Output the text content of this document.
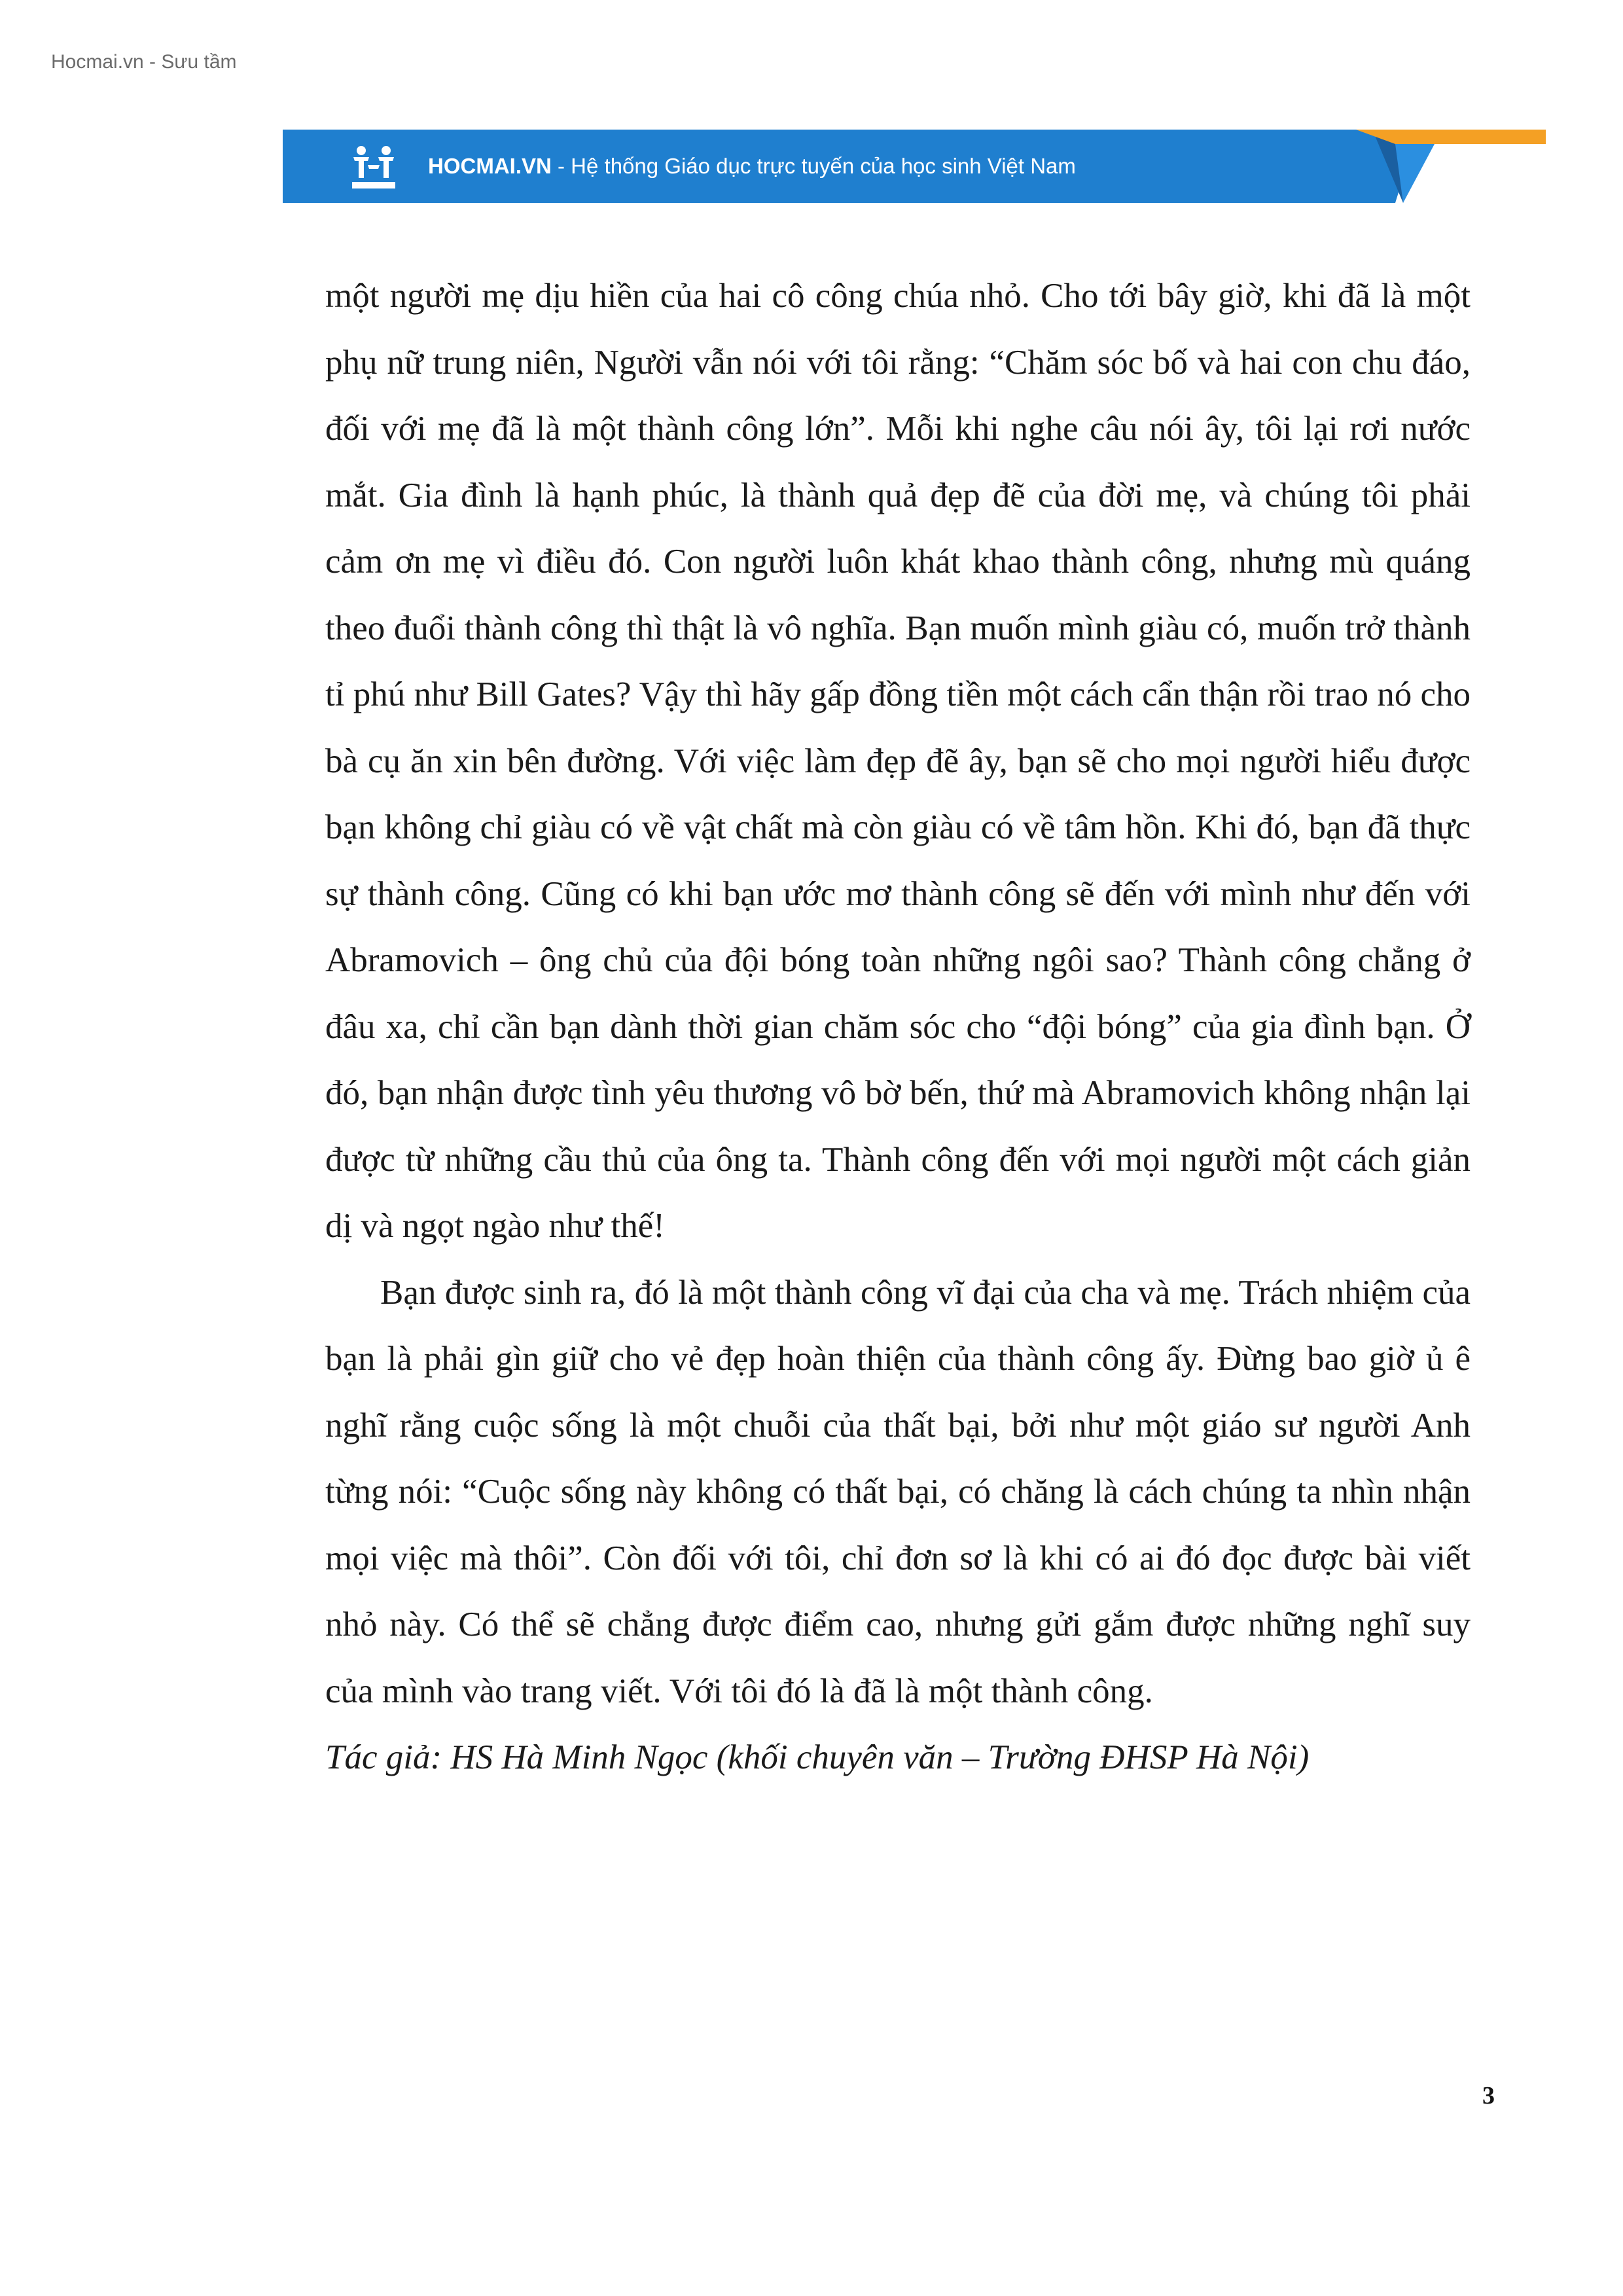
Hocmai.vn - Sưu tầm
HOCMAI.VN - Hệ thống Giáo dục trực tuyến của học sinh Việt Nam

một người mẹ dịu hiền của hai cô công chúa nhỏ. Cho tới bây giờ, khi đã là một phụ nữ trung niên, Người vẫn nói với tôi rằng: “Chăm sóc bố và hai con chu đáo, đối với mẹ đã là một thành công lớn”. Mỗi khi nghe câu nói ây, tôi lại rơi nước mắt. Gia đình là hạnh phúc, là thành quả đẹp đẽ của đời mẹ, và chúng tôi phải cảm ơn mẹ vì điều đó. Con người luôn khát khao thành công, nhưng mù quáng theo đuổi thành công thì thật là vô nghĩa. Bạn muốn mình giàu có, muốn trở thành tỉ phú như Bill Gates? Vậy thì hãy gấp đồng tiền một cách cẩn thận rồi trao nó cho bà cụ ăn xin bên đường. Với việc làm đẹp đẽ ây, bạn sẽ cho mọi người hiểu được bạn không chỉ giàu có về vật chất mà còn giàu có về tâm hồn. Khi đó, bạn đã thực sự thành công. Cũng có khi bạn ước mơ thành công sẽ đến với mình như đến với Abramovich – ông chủ của đội bóng toàn những ngôi sao? Thành công chẳng ở đâu xa, chỉ cần bạn dành thời gian chăm sóc cho “đội bóng” của gia đình bạn. Ở đó, bạn nhận được tình yêu thương vô bờ bến, thứ mà Abramovich không nhận lại được từ những cầu thủ của ông ta. Thành công đến với mọi người một cách giản dị và ngọt ngào như thế!

Bạn được sinh ra, đó là một thành công vĩ đại của cha và mẹ. Trách nhiệm của bạn là phải gìn giữ cho vẻ đẹp hoàn thiện của thành công ấy. Đừng bao giờ ủ ê nghĩ rằng cuộc sống là một chuỗi của thất bại, bởi như một giáo sư người Anh từng nói: “Cuộc sống này không có thất bại, có chăng là cách chúng ta nhìn nhận mọi việc mà thôi”. Còn đối với tôi, chỉ đơn sơ là khi có ai đó đọc được bài viết nhỏ này. Có thể sẽ chẳng được điểm cao, nhưng gửi gắm được những nghĩ suy của mình vào trang viết. Với tôi đó là đã là một thành công.

Tác giả: HS Hà Minh Ngọc (khối chuyên văn – Trường ĐHSP Hà Nội)

3
